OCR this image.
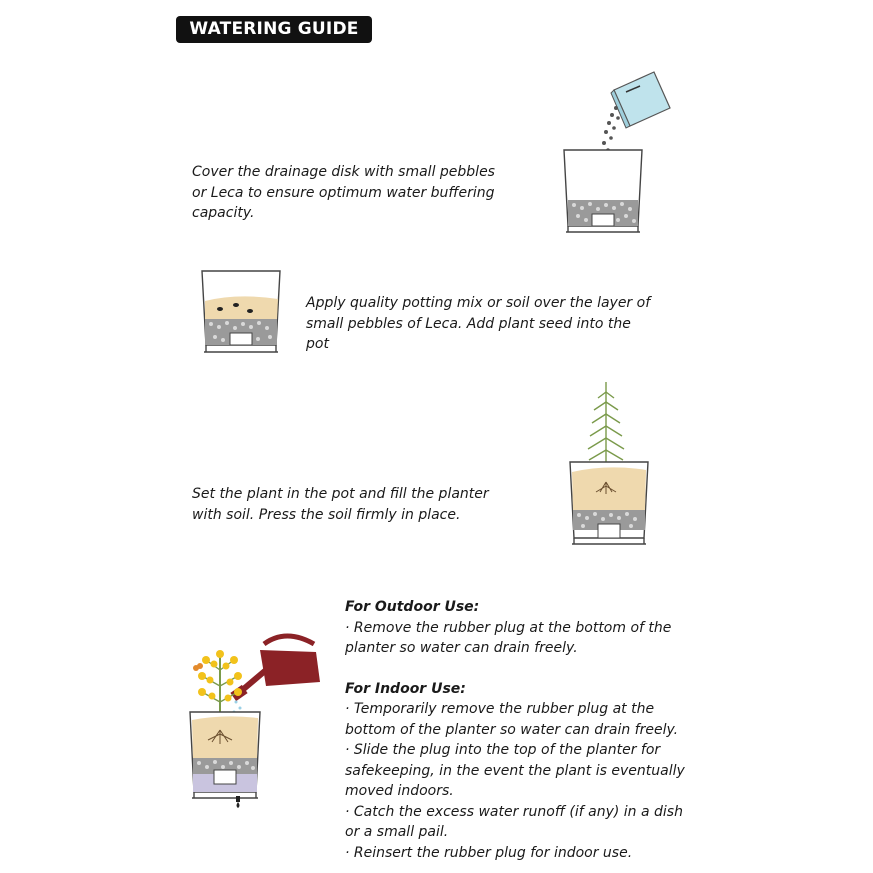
WATERING GUIDE
Cover the drainage disk with small pebbles or Leca to ensure optimum water buffering capacity.
Apply quality potting mix or soil over the layer of small pebbles of Leca. Add plant seed into the pot
Set the plant in the pot and fill the planter with soil. Press the soil firmly in place.
For Outdoor Use:
· Remove the rubber plug at the bottom of the planter so water can drain freely.
For Indoor Use:
· Temporarily remove the rubber plug at the bottom of the planter so water can drain freely.
· Slide the plug into the top of the planter for safekeeping, in the event the plant is eventually moved indoors.
· Catch the excess water runoff (if any) in a dish or a small pail.
· Reinsert the rubber plug for indoor use.
